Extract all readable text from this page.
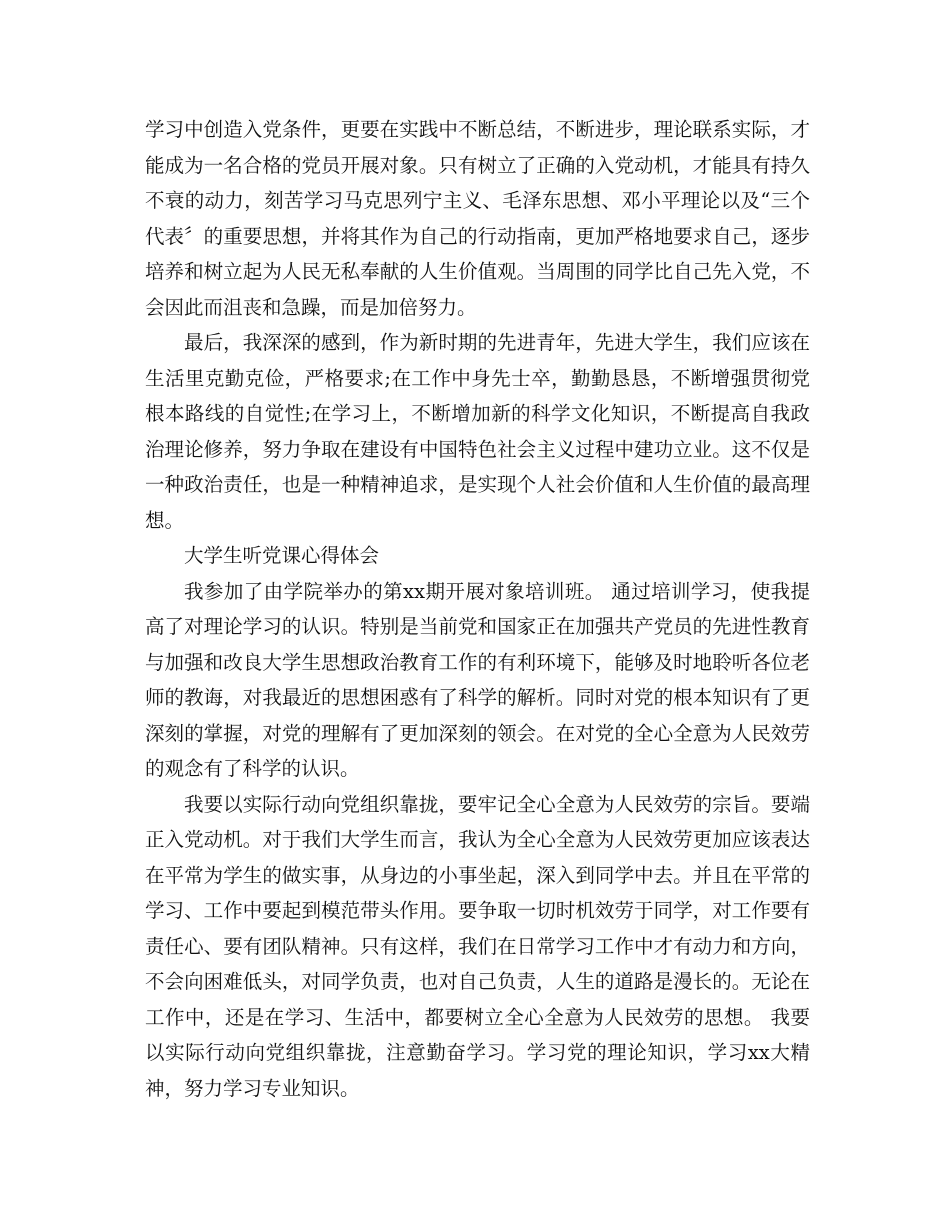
学习中创造入党条件，更要在实践中不断总结，不断进步，理论联系实际，才能成为一名合格的党员开展对象。只有树立了正确的入党动机，才能具有持久不衰的动力，刻苦学习马克思列宁主义、毛泽东思想、邓小平理论以及“三个代表〞的重要思想，并将其作为自己的行动指南，更加严格地要求自己，逐步培养和树立起为人民无私奉献的人生价值观。当周围的同学比自己先入党，不会因此而沮丧和急躁，而是加倍努力。

最后，我深深的感到，作为新时期的先进青年，先进大学生，我们应该在生活里克勤克俭，严格要求;在工作中身先士卒，勤勤恳恳，不断增强贯彻党根本路线的自觉性;在学习上，不断增加新的科学文化知识，不断提高自我政治理论修养，努力争取在建设有中国特色社会主义过程中建功立业。这不仅是一种政治责任，也是一种精神追求，是实现个人社会价值和人生价值的最高理想。

大学生听党课心得体会

我参加了由学院举办的第xx期开展对象培训班。 通过培训学习，使我提高了对理论学习的认识。特别是当前党和国家正在加强共产党员的先进性教育与加强和改良大学生思想政治教育工作的有利环境下，能够及时地聆听各位老师的教诲，对我最近的思想困惑有了科学的解析。同时对党的根本知识有了更深刻的掌握，对党的理解有了更加深刻的领会。在对党的全心全意为人民效劳的观念有了科学的认识。

我要以实际行动向党组织靠拢，要牢记全心全意为人民效劳的宗旨。要端正入党动机。对于我们大学生而言，我认为全心全意为人民效劳更加应该表达在平常为学生的做实事，从身边的小事坐起，深入到同学中去。并且在平常的学习、工作中要起到模范带头作用。要争取一切时机效劳于同学，对工作要有责任心、要有团队精神。只有这样，我们在日常学习工作中才有动力和方向，不会向困难低头，对同学负责，也对自己负责，人生的道路是漫长的。无论在工作中，还是在学习、生活中，都要树立全心全意为人民效劳的思想。 我要以实际行动向党组织靠拢，注意勤奋学习。学习党的理论知识，学习xx大精神，努力学习专业知识。
